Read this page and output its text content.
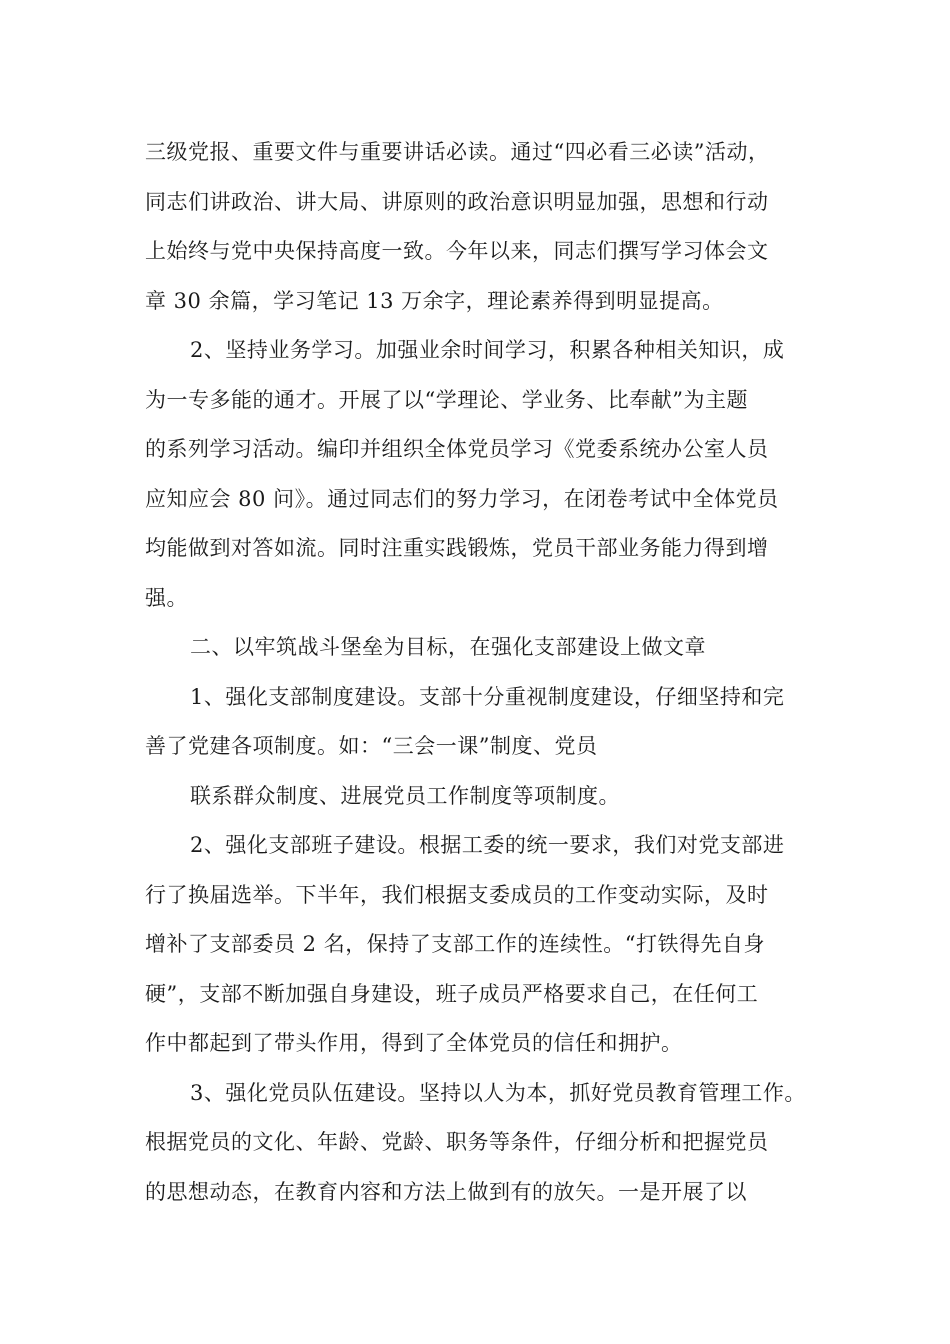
三级党报、重要文件与重要讲话必读。通过“四必看三必读”活动，
同志们讲政治、讲大局、讲原则的政治意识明显加强，思想和行动
上始终与党中央保持高度一致。今年以来，同志们撰写学习体会文
章 30 余篇，学习笔记 13 万余字，理论素养得到明显提高。
2、坚持业务学习。加强业余时间学习，积累各种相关知识，成
为一专多能的通才。开展了以“学理论、学业务、比奉献”为主题
的系列学习活动。编印并组织全体党员学习《党委系统办公室人员
应知应会 80 问》。通过同志们的努力学习，在闭卷考试中全体党员
均能做到对答如流。同时注重实践锻炼，党员干部业务能力得到增
强。
二、以牢筑战斗堡垒为目标，在强化支部建设上做文章
1、强化支部制度建设。支部十分重视制度建设，仔细坚持和完
善了党建各项制度。如：“三会一课”制度、党员
联系群众制度、进展党员工作制度等项制度。
2、强化支部班子建设。根据工委的统一要求，我们对党支部进
行了换届选举。下半年，我们根据支委成员的工作变动实际，及时
增补了支部委员 2 名，保持了支部工作的连续性。“打铁得先自身
硬”，支部不断加强自身建设，班子成员严格要求自己，在任何工
作中都起到了带头作用，得到了全体党员的信任和拥护。
3、强化党员队伍建设。坚持以人为本，抓好党员教育管理工作。
根据党员的文化、年龄、党龄、职务等条件，仔细分析和把握党员
的思想动态，在教育内容和方法上做到有的放矢。一是开展了以
